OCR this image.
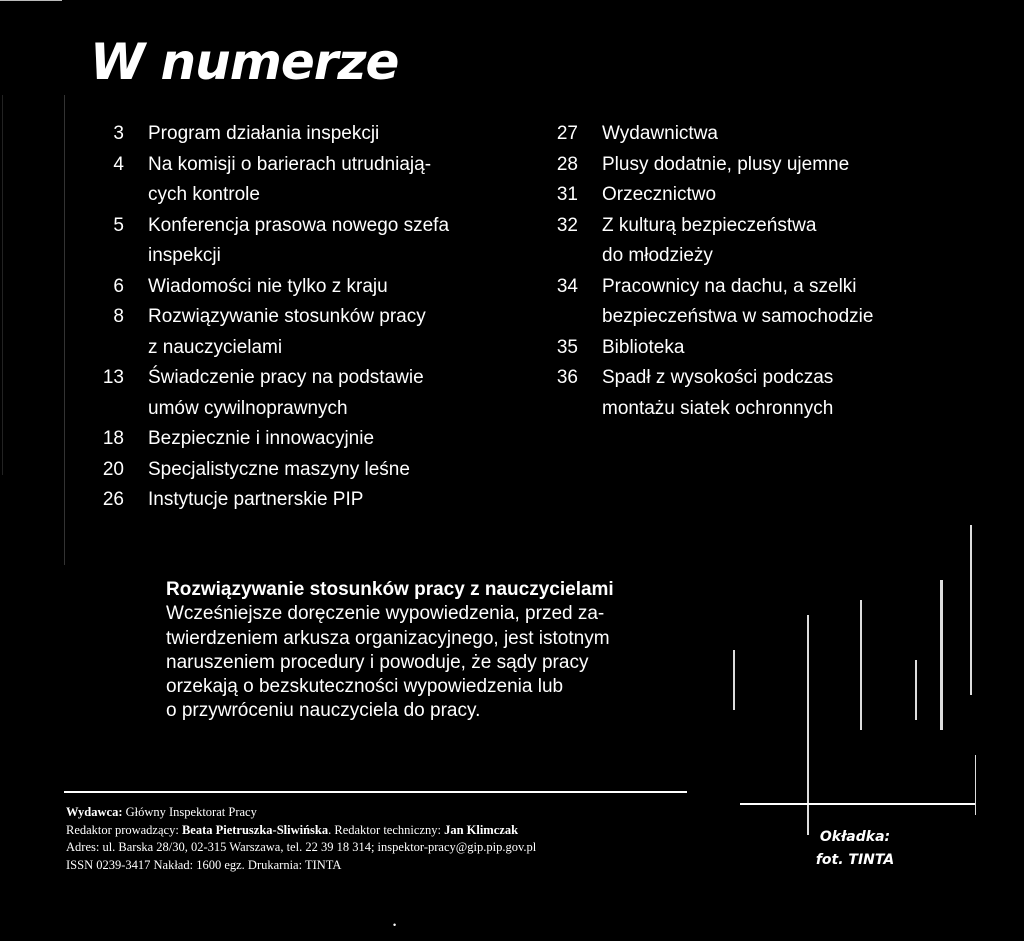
W numerze
3 Program działania inspekcji
4 Na komisji o barierach utrudniają-
cych kontrole
5 Konferencja prasowa nowego szefa
inspekcji
6 Wiadomości nie tylko z kraju
8 Rozwiązywanie stosunków pracy
z nauczycielami
13 Świadczenie pracy na podstawie
umów cywilnoprawnych
18 Bezpiecznie i innowacyjnie
20 Specjalistyczne maszyny leśne
26 Instytucje partnerskie PIP
27 Wydawnictwa
28 Plusy dodatnie, plusy ujemne
31 Orzecznictwo
32 Z kulturą bezpieczeństwa
do młodzieży
34 Pracownicy na dachu, a szelki
bezpieczeństwa w samochodzie
35 Biblioteka
36 Spadł z wysokości podczas
montażu siatek ochronnych
Rozwiązywanie stosunków pracy z nauczycielami
Wcześniejsze doręczenie wypowiedzenia, przed za-
twierdzeniem arkusza organizacyjnego, jest istotnym
naruszeniem procedury i powoduje, że sądy pracy
orzekają o bezskuteczności wypowiedzenia lub
o przywróceniu nauczyciela do pracy.
Wydawca: Główny Inspektorat Pracy
Redaktor prowadzący: Beata Pietruszka-Sliwińska. Redaktor techniczny: Jan Klimczak
Adres: ul. Barska 28/30, 02-315 Warszawa, tel. 22 39 18 314; inspektor-pracy@gip.pip.gov.pl
ISSN 0239-3417 Nakład: 1600 egz. Drukarnia: TINTA
Okładka:
fot. TINTA
•
